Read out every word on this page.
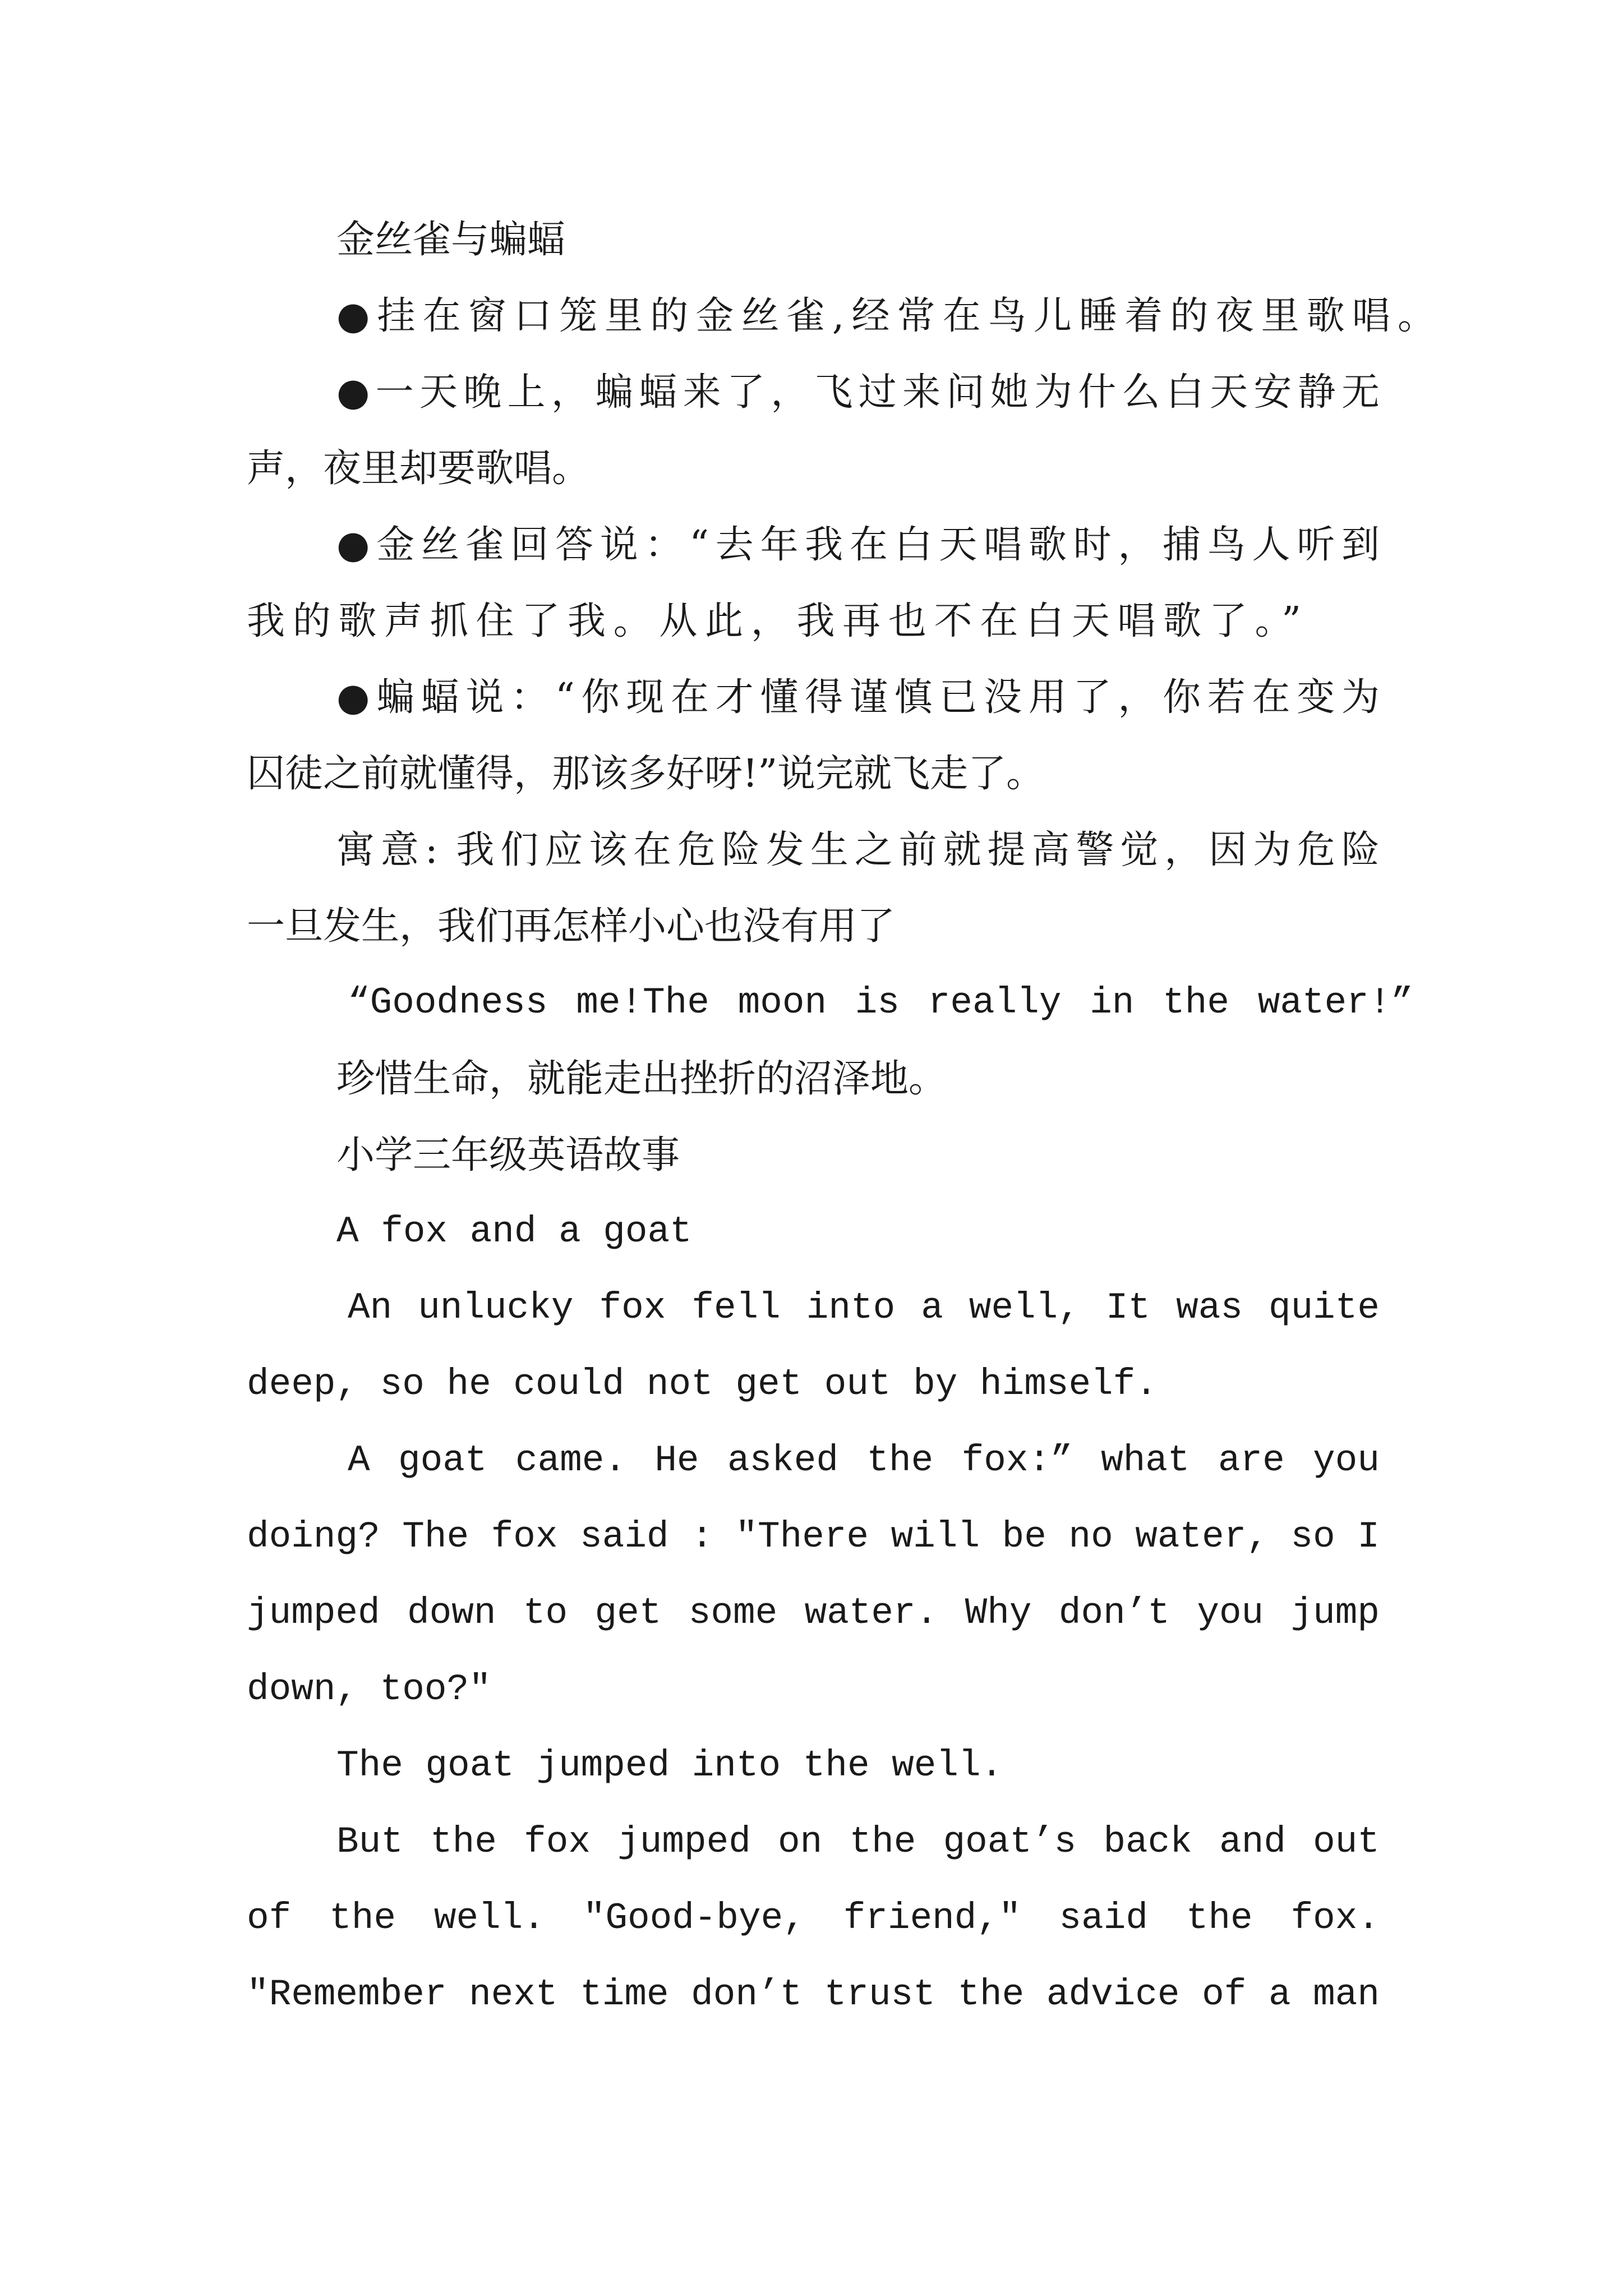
金丝雀与蝙蝠
●挂在窗口笼里的金丝雀,经常在鸟儿睡着的夜里歌唱。
●一天晚上，蝙蝠来了，飞过来问她为什么白天安静无
声，夜里却要歌唱。
●金丝雀回答说：“去年我在白天唱歌时，捕鸟人听到
我的歌声抓住了我。从此，我再也不在白天唱歌了。”
●蝙蝠说：“你现在才懂得谨慎已没用了，你若在变为
囚徒之前就懂得，那该多好呀!”说完就飞走了。
寓意: 我们应该在危险发生之前就提高警觉，因为危险
一旦发生，我们再怎样小心也没有用了
“Goodness me!The moon is really in the water!”
珍惜生命，就能走出挫折的沼泽地。
小学三年级英语故事
A fox and a goat
An unlucky fox fell into a well, It was quite
deep, so he could not get out by himself.
A goat came. He asked the fox:” what are you
doing? The fox said : "There will be no water, so I
jumped down to get some water. Why don’t you jump
down, too?"
The goat jumped into the well.
But the fox jumped on the goat’s back and out
of the well. "Good-bye, friend," said the fox.
"Remember next time don’t trust the advice of a man
